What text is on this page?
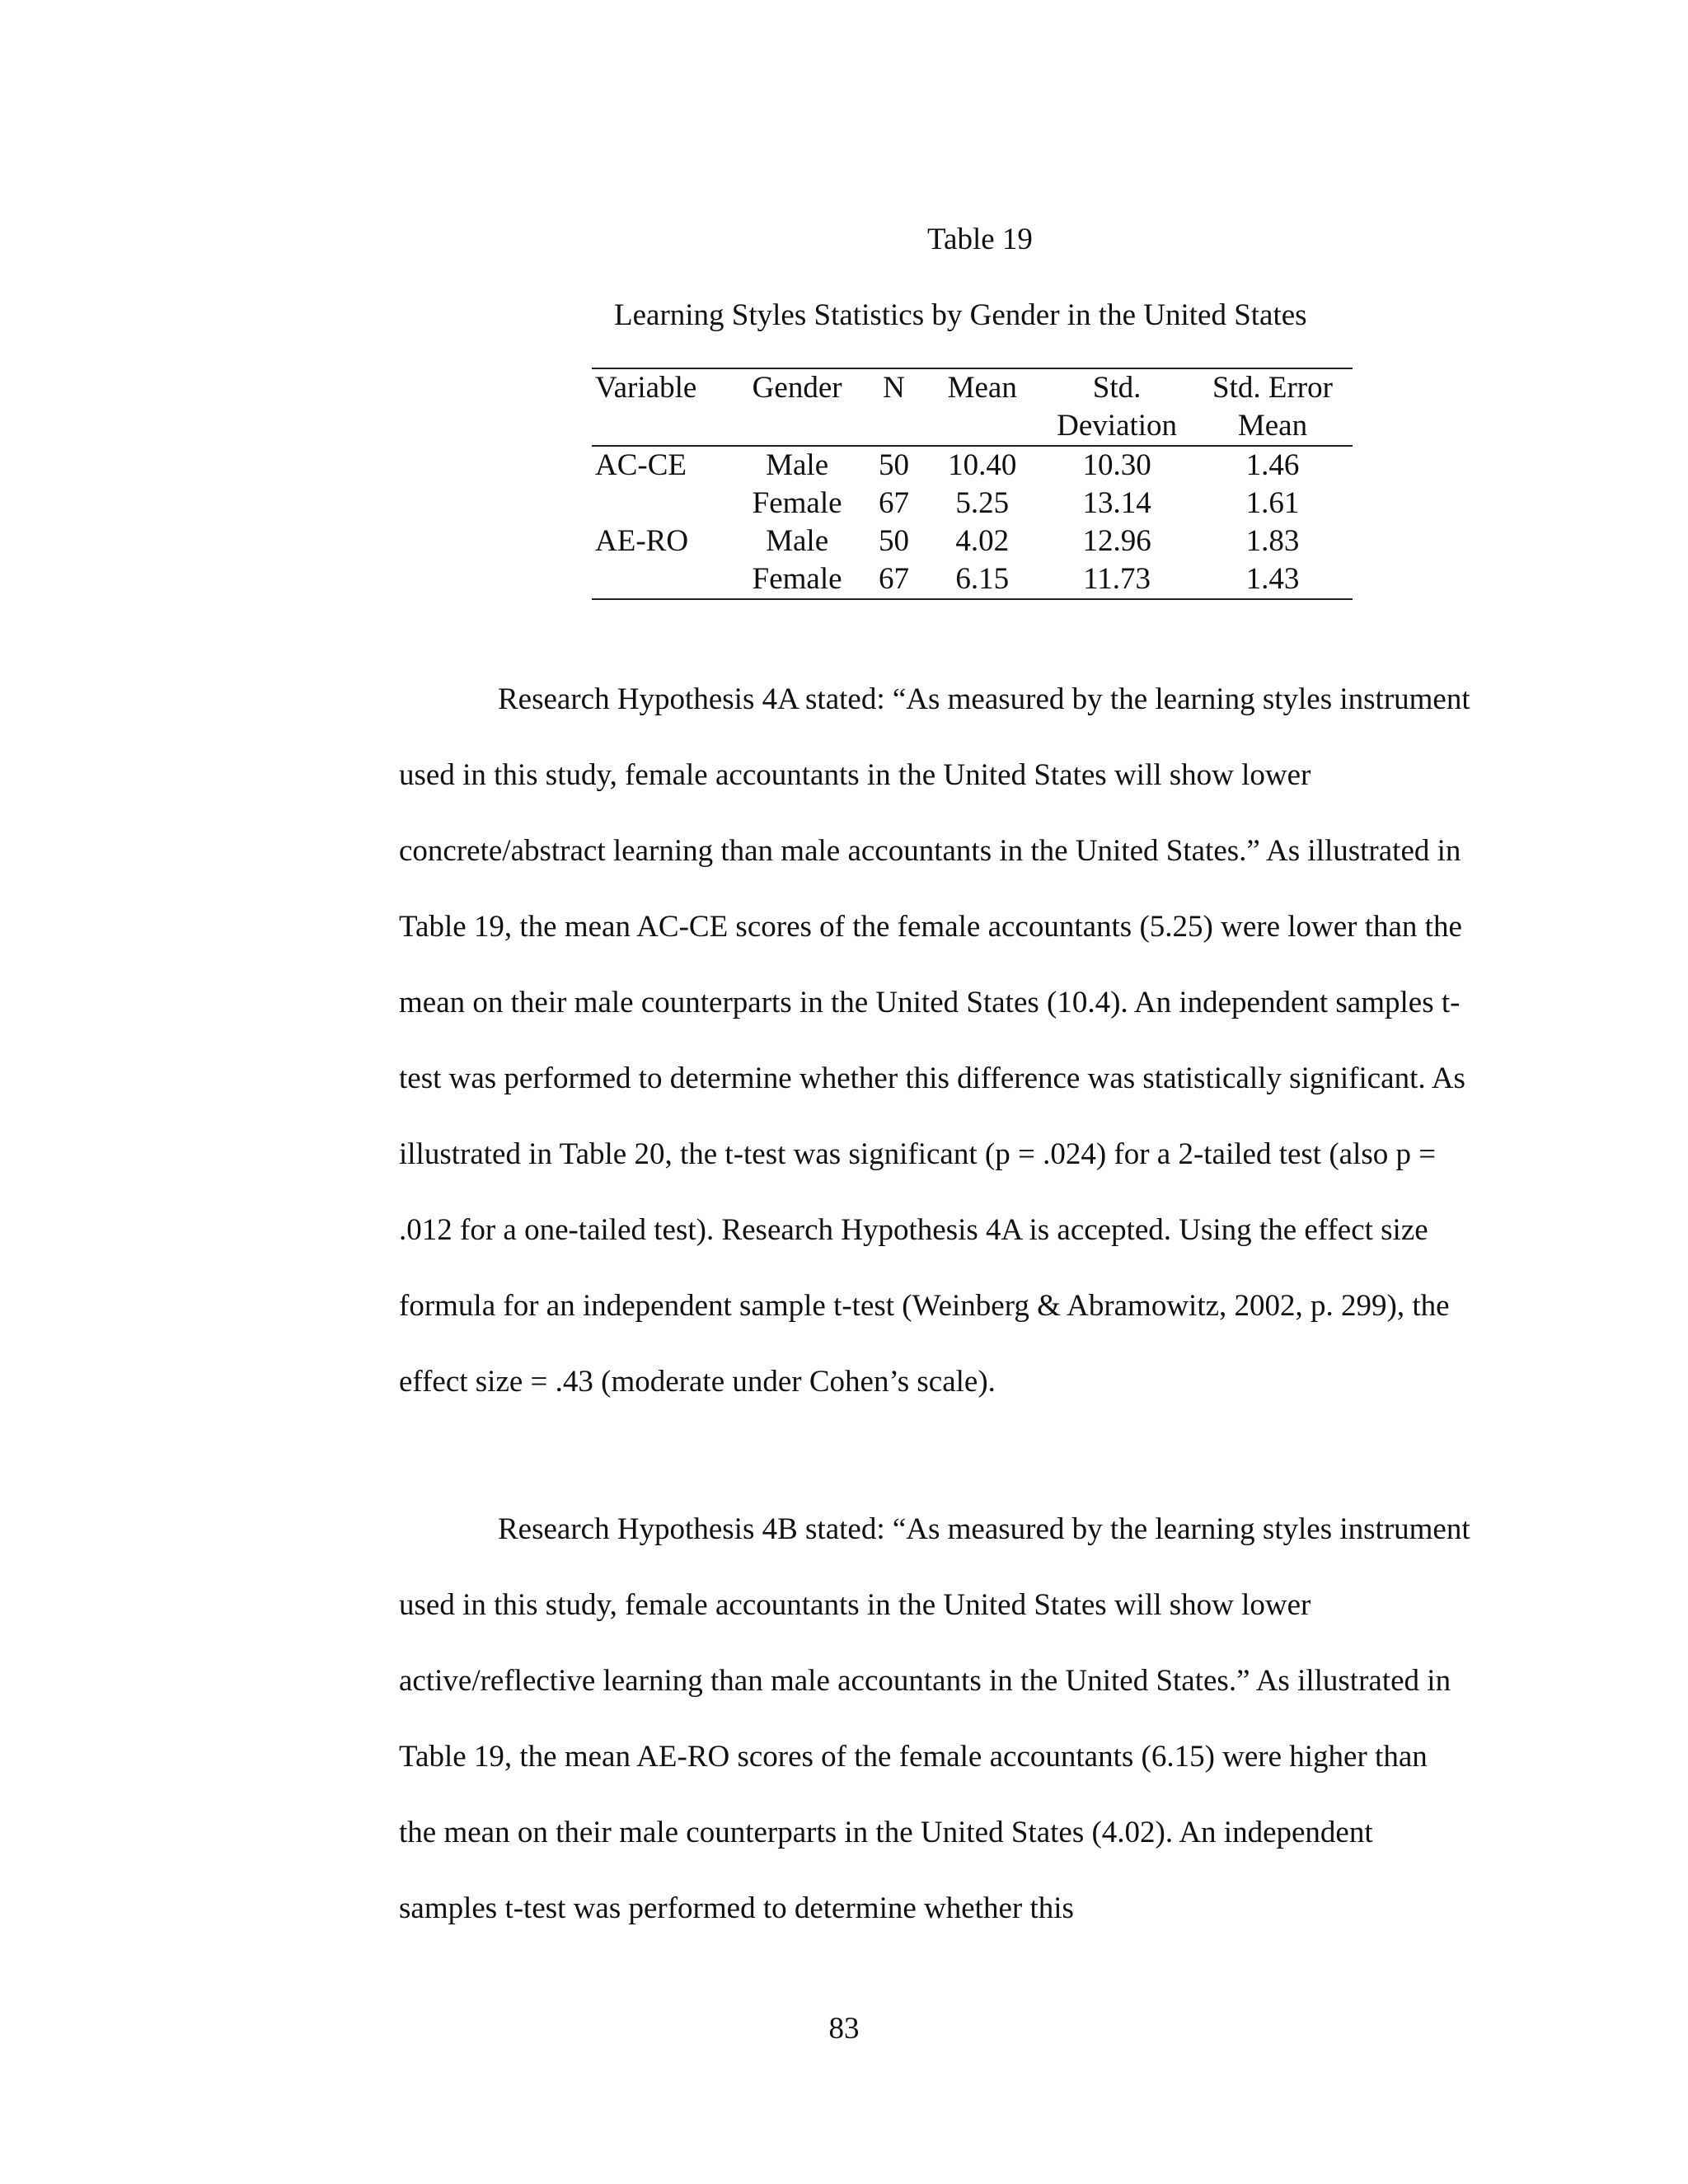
Table 19
Learning Styles Statistics by Gender in the United States
Variable	Gender	N	Mean	Std.	Std. Error
				Deviation	Mean
AC-CE	Male	50	10.40	10.30	1.46
	Female	67	5.25	13.14	1.61
AE-RO	Male	50	4.02	12.96	1.83
	Female	67	6.15	11.73	1.43

Research Hypothesis 4A stated: “As measured by the learning styles instrument used in this study, female accountants in the United States will show lower concrete/abstract learning than male accountants in the United States.” As illustrated in Table 19, the mean AC-CE scores of the female accountants (5.25) were lower than the mean on their male counterparts in the United States (10.4). An independent samples t-test was performed to determine whether this difference was statistically significant. As illustrated in Table 20, the t-test was significant (p = .024) for a 2-tailed test (also p = .012 for a one-tailed test). Research Hypothesis 4A is accepted. Using the effect size formula for an independent sample t-test (Weinberg & Abramowitz, 2002, p. 299), the effect size = .43 (moderate under Cohen’s scale).

Research Hypothesis 4B stated: “As measured by the learning styles instrument used in this study, female accountants in the United States will show lower active/reflective learning than male accountants in the United States.” As illustrated in Table 19, the mean AE-RO scores of the female accountants (6.15) were higher than the mean on their male counterparts in the United States (4.02). An independent samples t-test was performed to determine whether this

83
